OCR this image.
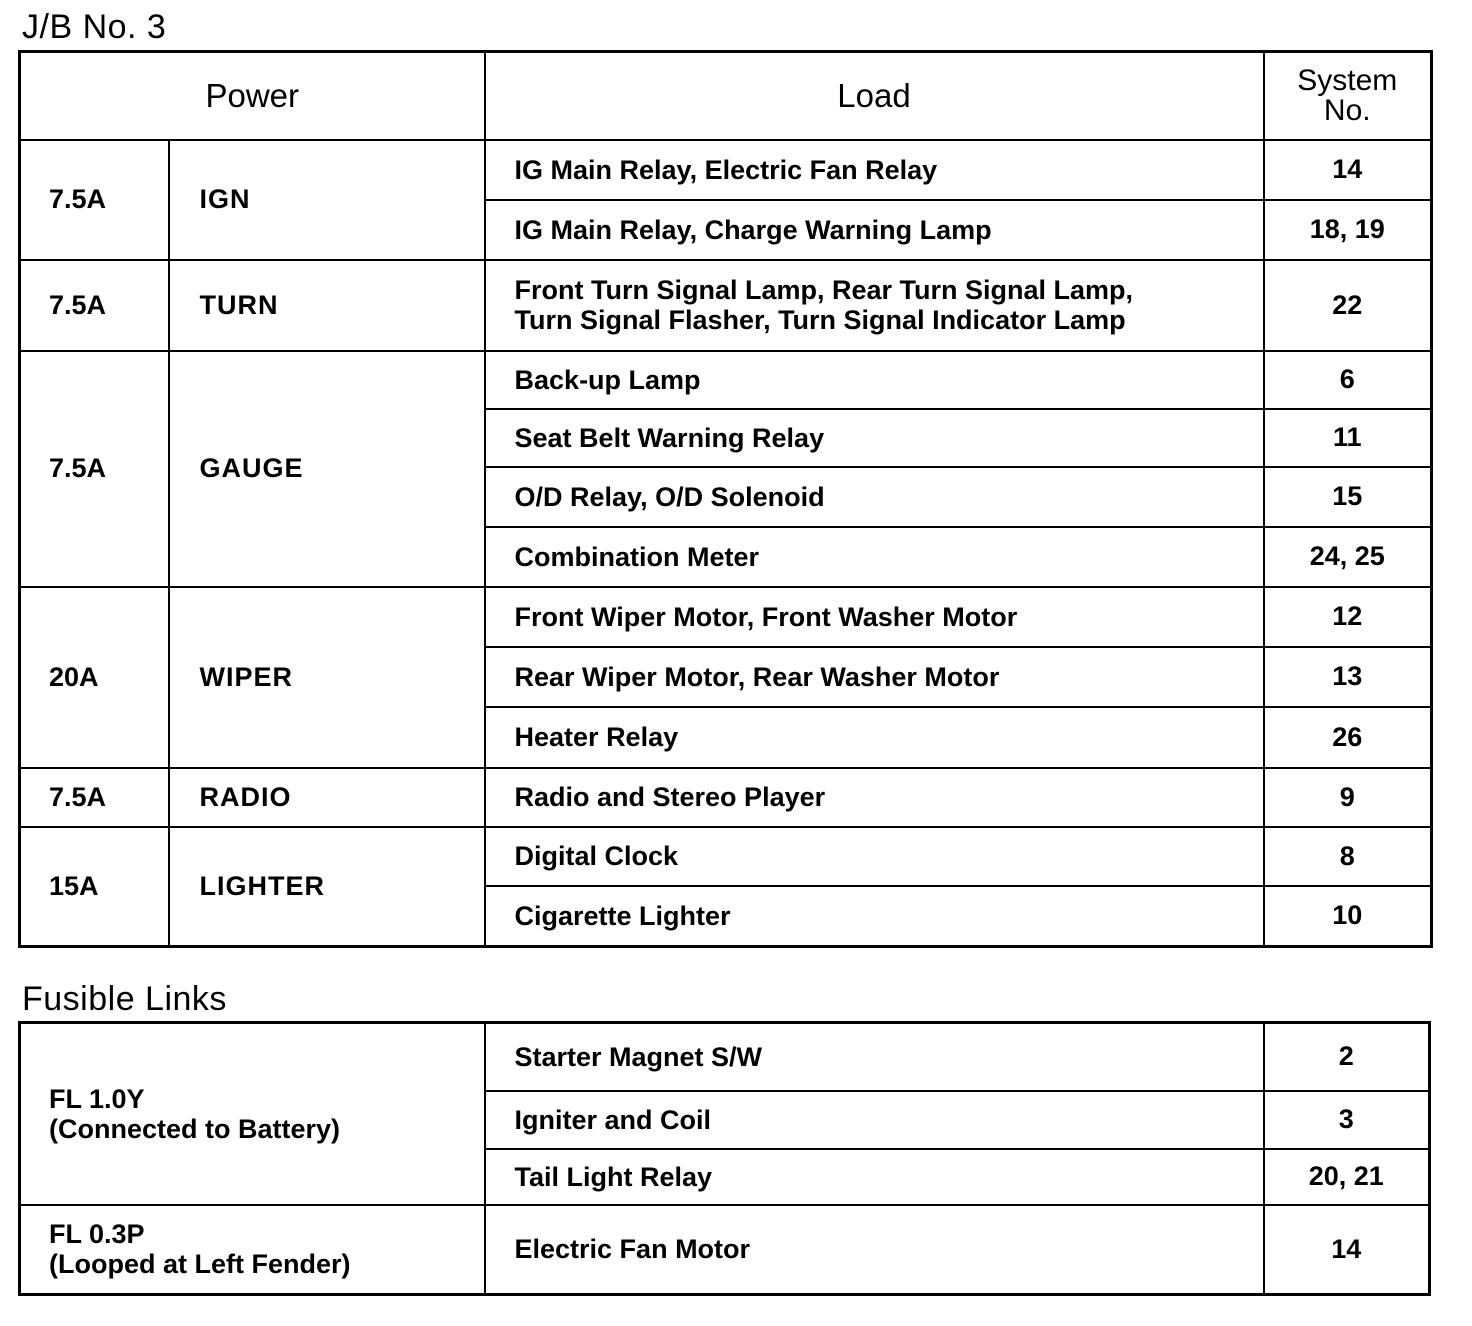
J/B No. 3
Power		Load	System
No.

7.5A	IGN	IG Main Relay, Electric Fan Relay	14
		IG Main Relay, Charge Warning Lamp	18, 19
7.5A	TURN	Front Turn Signal Lamp, Rear Turn Signal Lamp,
Turn Signal Flasher, Turn Signal Indicator Lamp	22
7.5A	GAUGE	Back-up Lamp	6
		Seat Belt Warning Relay	11
		O/D Relay, O/D Solenoid	15
		Combination Meter	24, 25
20A	WIPER	Front Wiper Motor, Front Washer Motor	12
		Rear Wiper Motor, Rear Washer Motor	13
		Heater Relay	26
7.5A	RADIO	Radio and Stereo Player	9
15A	LIGHTER	Digital Clock	8
		Cigarette Lighter	10
Fusible Links
FL 1.0Y
(Connected to Battery)	Starter Magnet S/W	2
	Igniter and Coil	3
	Tail Light Relay	20, 21

FL 0.3P
(Looped at Left Fender)	Electric Fan Motor	14
